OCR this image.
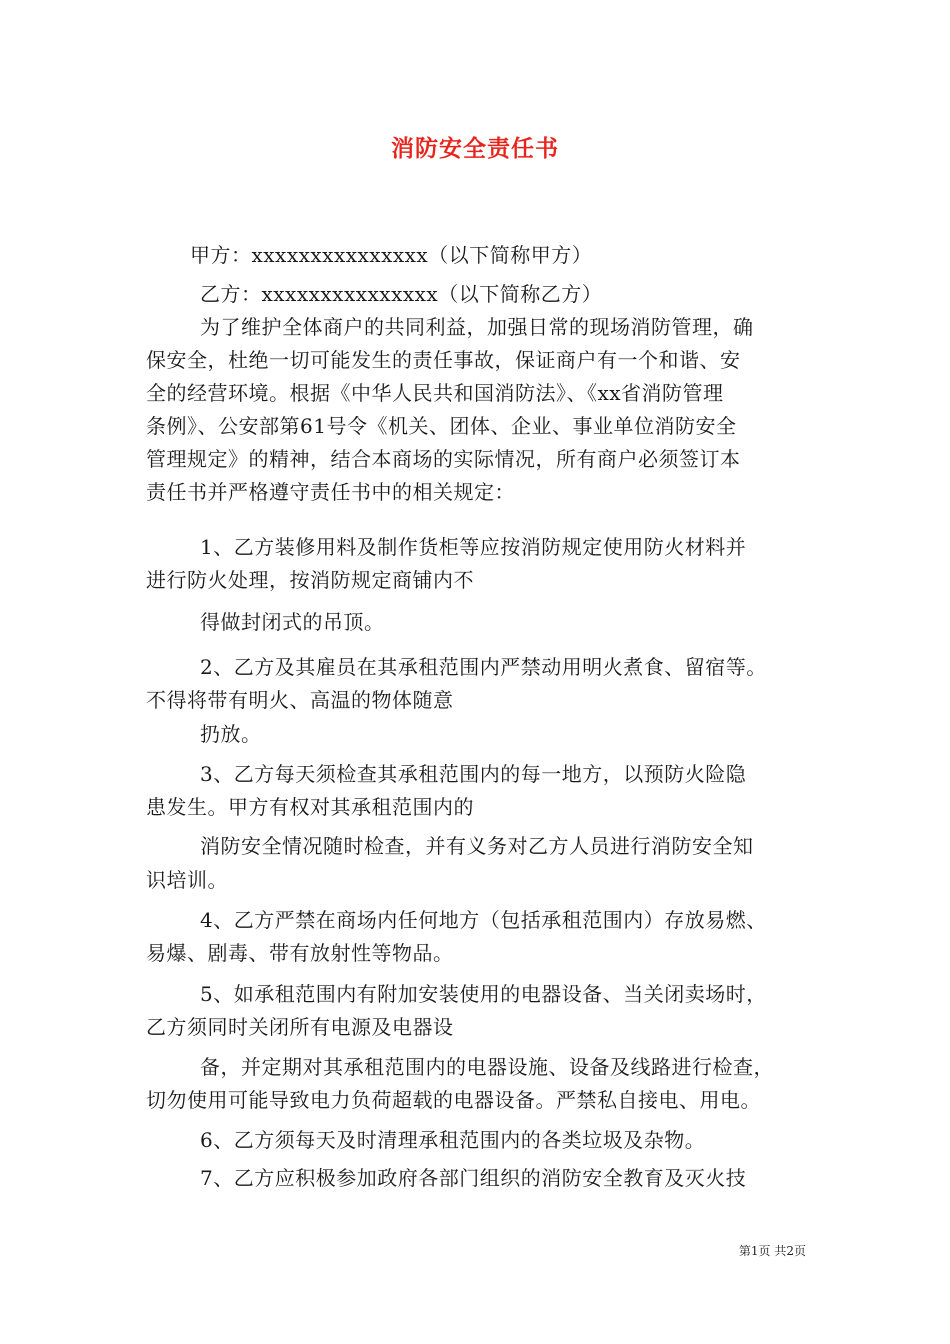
消防安全责任书
甲方：xxxxxxxxxxxxxxx（以下简称甲方）
乙方：xxxxxxxxxxxxxxx（以下简称乙方）
为了维护全体商户的共同利益，加强日常的现场消防管理，确
保安全，杜绝一切可能发生的责任事故，保证商户有一个和谐、安
全的经营环境。根据《中华人民共和国消防法》、《xx省消防管理
条例》、公安部第61号令《机关、团体、企业、事业单位消防安全
管理规定》的精神，结合本商场的实际情况，所有商户必须签订本
责任书并严格遵守责任书中的相关规定：
1、乙方装修用料及制作货柜等应按消防规定使用防火材料并
进行防火处理，按消防规定商铺内不
得做封闭式的吊顶。
2、乙方及其雇员在其承租范围内严禁动用明火煮食、留宿等。
不得将带有明火、高温的物体随意
扔放。
3、乙方每天须检查其承租范围内的每一地方，以预防火险隐
患发生。甲方有权对其承租范围内的
消防安全情况随时检查，并有义务对乙方人员进行消防安全知
识培训。
4、乙方严禁在商场内任何地方（包括承租范围内）存放易燃、
易爆、剧毒、带有放射性等物品。
5、如承租范围内有附加安装使用的电器设备、当关闭卖场时，
乙方须同时关闭所有电源及电器设
备，并定期对其承租范围内的电器设施、设备及线路进行检查，
切勿使用可能导致电力负荷超载的电器设备。严禁私自接电、用电。
6、乙方须每天及时清理承租范围内的各类垃圾及杂物。
7、乙方应积极参加政府各部门组织的消防安全教育及灭火技
第1页 共2页
